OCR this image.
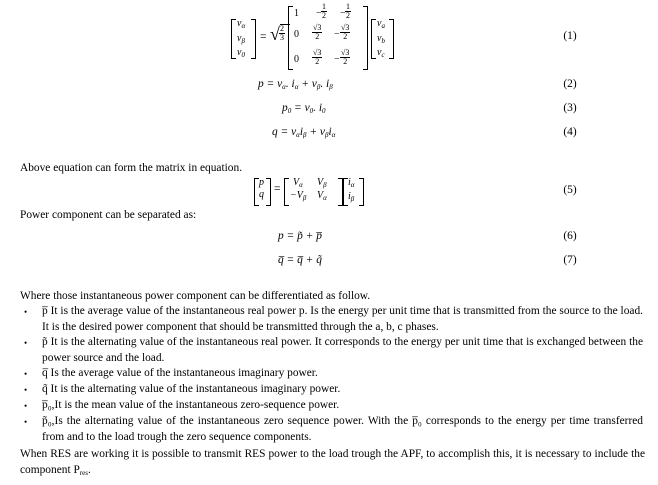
$v_\alpha$
$v_\beta$
$v_0$
= √ $\frac{2}{3}$
$1 - \frac{1}{2} - \frac{1}{2}$
$0 \frac{√3}{2} - \frac{√3}{2}$
$0 \frac{√3}{2} - \frac{√3}{2}$
$v_a$
$v_b$
$v_c$
(1)
$p = v_\alpha$. $i_\alpha + v_\beta$. $i_\beta$	(2)
$p_0 = v_0$. $i_0$	(3)
$q = v_\alpha i_\beta + v_\beta i_\alpha$	(4)
Above equation can form the matrix in equation.
p
q =
$V_\alpha$ $V_\beta$
$-V_\beta$ $V_\alpha$
$i_\alpha$
$i_\beta$
(5)
Power component can be separated as:
p = p̃ + p̅	(6)
q̅ = q̅ + q̃	(7)
Where those instantaneous power component can be differentiated as follow.
• p̅ It is the average value of the instantaneous real power p. Is the energy per unit time that is transmitted from the source to the load. It is the desired power component that should be transmitted through the a, b, c phases.
• p̃ It is the alternating value of the instantaneous real power. It corresponds to the energy per unit time that is exchanged between the power source and the load.
• q̅ Is the average value of the instantaneous imaginary power.
• q̃ It is the alternating value of the instantaneous imaginary power.
• p̅₀,It is the mean value of the instantaneous zero-sequence power.
• p̃₀,Is the alternating value of the instantaneous zero sequence power. With the p̅₀ corresponds to the energy per time transferred from and to the load trough the zero sequence components.
When RES are working it is possible to transmit RES power to the load trough the APF, to accomplish this, it is necessary to include the component Pres.
